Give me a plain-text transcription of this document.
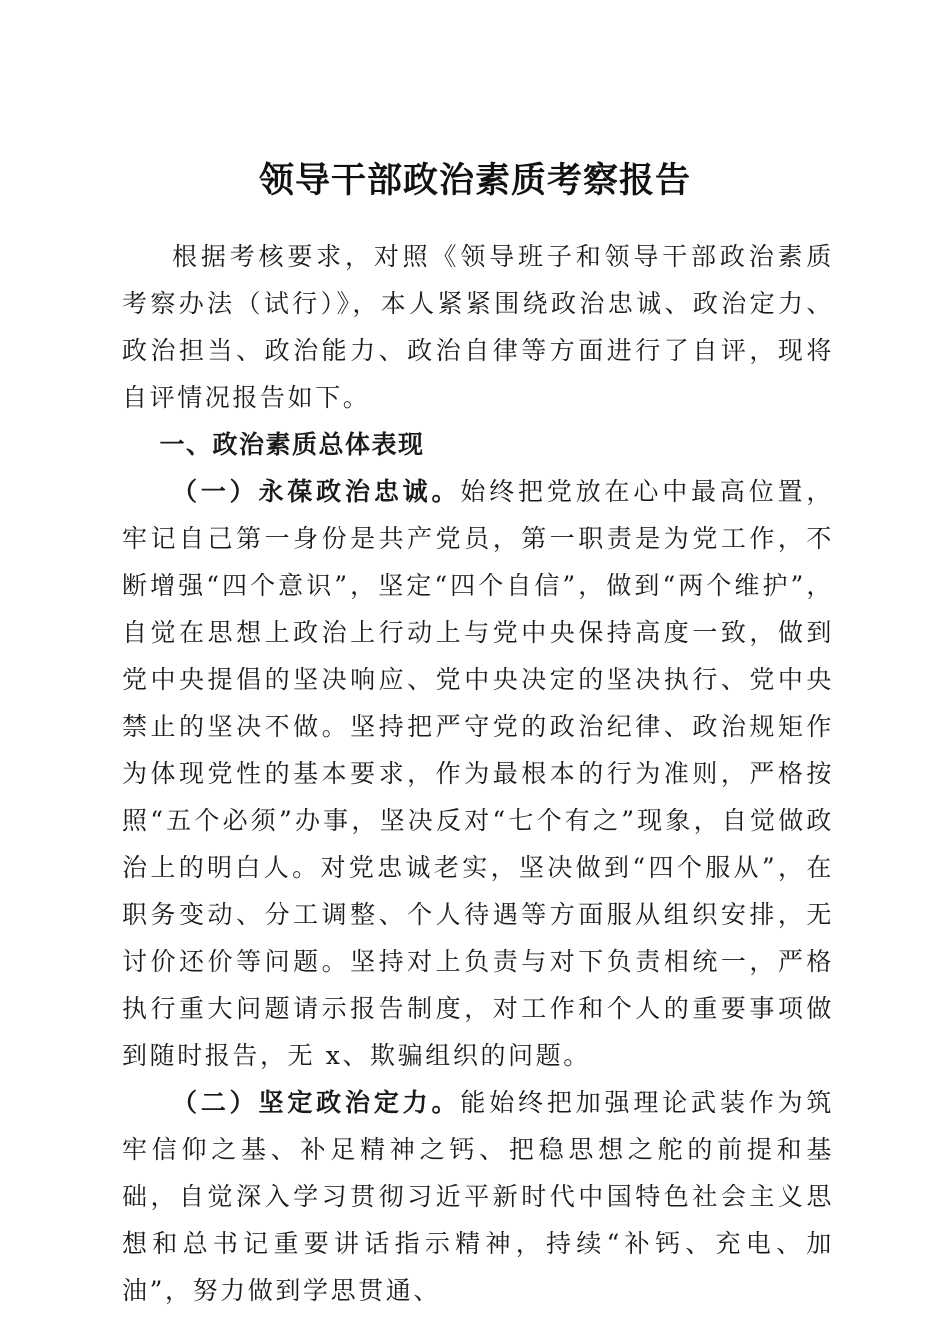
领导干部政治素质考察报告

根据考核要求，对照《领导班子和领导干部政治素质考察办法（试行）》，本人紧紧围绕政治忠诚、政治定力、政治担当、政治能力、政治自律等方面进行了自评，现将自评情况报告如下。

一、政治素质总体表现

（一）永葆政治忠诚。始终把党放在心中最高位置，牢记自己第一身份是共产党员，第一职责是为党工作，不断增强“四个意识”，坚定“四个自信”，做到“两个维护”，自觉在思想上政治上行动上与党中央保持高度一致，做到党中央提倡的坚决响应、党中央决定的坚决执行、党中央禁止的坚决不做。坚持把严守党的政治纪律、政治规矩作为体现党性的基本要求，作为最根本的行为准则，严格按照“五个必须”办事，坚决反对“七个有之”现象，自觉做政治上的明白人。对党忠诚老实，坚决做到“四个服从”，在职务变动、分工调整、个人待遇等方面服从组织安排，无讨价还价等问题。坚持对上负责与对下负责相统一，严格执行重大问题请示报告制度，对工作和个人的重要事项做到随时报告，无 x、欺骗组织的问题。

（二）坚定政治定力。能始终把加强理论武装作为筑牢信仰之基、补足精神之钙、把稳思想之舵的前提和基础，自觉深入学习贯彻习近平新时代中国特色社会主义思想和总书记重要讲话指示精神，持续“补钙、充电、加油”，努力做到学思贯通、
